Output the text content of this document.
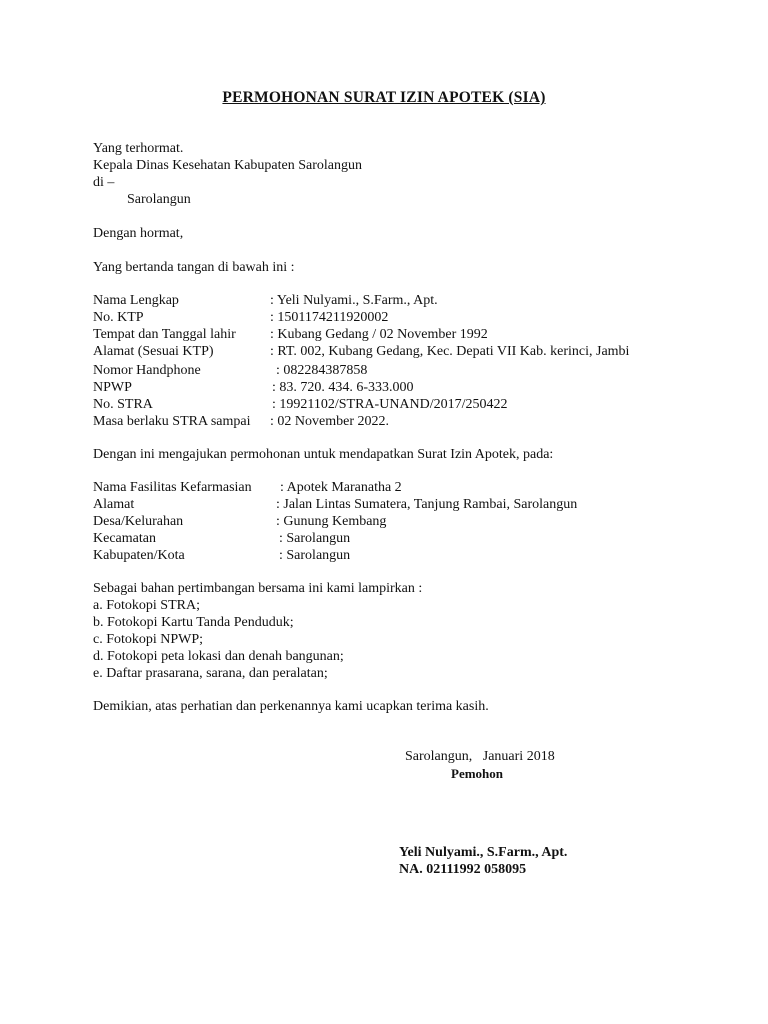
PERMOHONAN SURAT IZIN APOTEK (SIA)
Yang terhormat.
Kepala Dinas Kesehatan Kabupaten Sarolangun
di –
Sarolangun
Dengan hormat,
Yang bertanda tangan di bawah ini :
Nama Lengkap	: Yeli Nulyami., S.Farm., Apt.
No. KTP	: 1501174211920002
Tempat dan Tanggal lahir : Kubang Gedang / 02 November 1992
Alamat (Sesuai KTP)	: RT. 002, Kubang Gedang, Kec. Depati VII Kab. kerinci, Jambi
Nomor Handphone	: 082284387858
NPWP	: 83. 720. 434. 6-333.000
No. STRA	: 19921102/STRA-UNAND/2017/250422
Masa berlaku STRA sampai : 02 November 2022.
Dengan ini mengajukan permohonan untuk mendapatkan Surat Izin Apotek, pada:
Nama Fasilitas Kefarmasian : Apotek Maranatha 2
Alamat	: Jalan Lintas Sumatera, Tanjung Rambai, Sarolangun
Desa/Kelurahan	: Gunung Kembang
Kecamatan	: Sarolangun
Kabupaten/Kota	: Sarolangun
Sebagai bahan pertimbangan bersama ini kami lampirkan :
a. Fotokopi STRA;
b. Fotokopi Kartu Tanda Penduduk;
c. Fotokopi NPWP;
d. Fotokopi peta lokasi dan denah bangunan;
e. Daftar prasarana, sarana, dan peralatan;
Demikian, atas perhatian dan perkenannya kami ucapkan terima kasih.
Sarolangun,   Januari 2018
Pemohon
Yeli Nulyami., S.Farm., Apt.
NA. 02111992 058095
